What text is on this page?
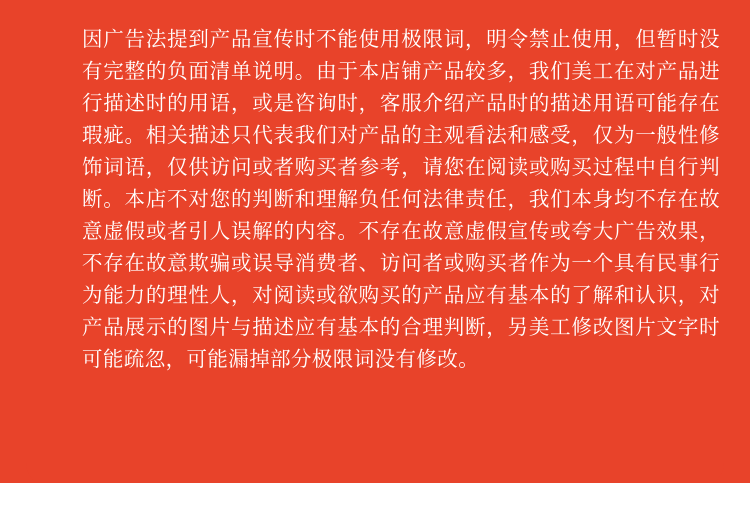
因广告法提到产品宣传时不能使用极限词，明令禁止使用，但暂时没有完整的负面清单说明。由于本店铺产品较多，我们美工在对产品进行描述时的用语，或是咨询时，客服介绍产品时的描述用语可能存在瑕疵。相关描述只代表我们对产品的主观看法和感受，仅为一般性修饰词语，仅供访问或者购买者参考，请您在阅读或购买过程中自行判断。本店不对您的判断和理解负任何法律责任，我们本身均不存在故意虚假或者引人误解的内容。不存在故意虚假宣传或夸大广告效果，不存在故意欺骗或误导消费者、访问者或购买者作为一个具有民事行为能力的理性人，对阅读或欲购买的产品应有基本的了解和认识，对产品展示的图片与描述应有基本的合理判断，另美工修改图片文字时可能疏忽，可能漏掉部分极限词没有修改。
